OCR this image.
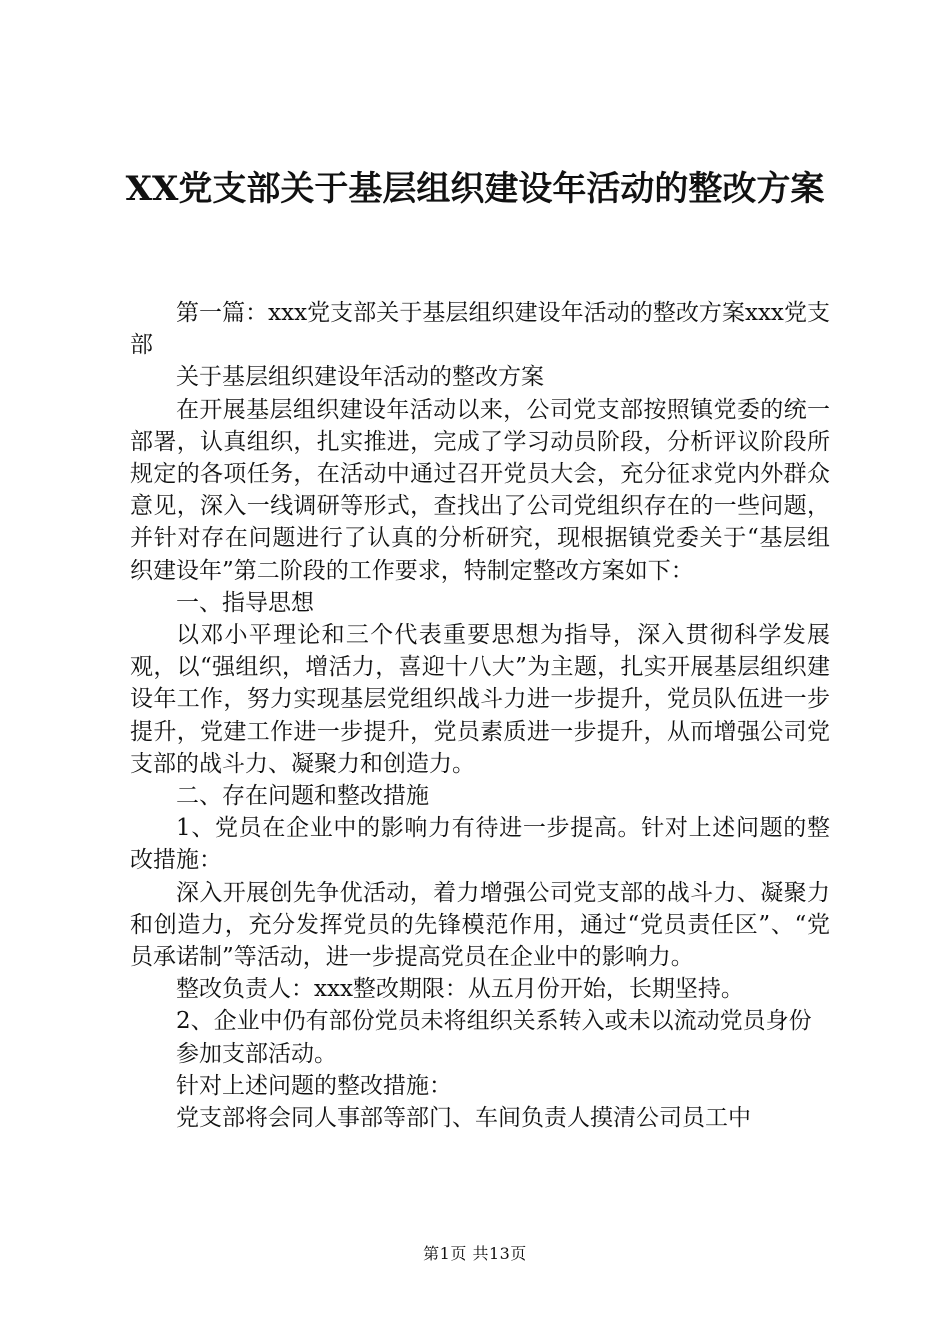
XX党支部关于基层组织建设年活动的整改方案

第一篇：xxx党支部关于基层组织建设年活动的整改方案xxx党支部

关于基层组织建设年活动的整改方案

在开展基层组织建设年活动以来，公司党支部按照镇党委的统一部署，认真组织，扎实推进，完成了学习动员阶段，分析评议阶段所规定的各项任务，在活动中通过召开党员大会，充分征求党内外群众意见，深入一线调研等形式，查找出了公司党组织存在的一些问题，并针对存在问题进行了认真的分析研究，现根据镇党委关于“基层组织建设年”第二阶段的工作要求，特制定整改方案如下：

一、指导思想

以邓小平理论和三个代表重要思想为指导，深入贯彻科学发展观，以“强组织，增活力，喜迎十八大”为主题，扎实开展基层组织建设年工作，努力实现基层党组织战斗力进一步提升，党员队伍进一步提升，党建工作进一步提升，党员素质进一步提升，从而增强公司党支部的战斗力、凝聚力和创造力。

二、存在问题和整改措施

1、党员在企业中的影响力有待进一步提高。针对上述问题的整改措施：

深入开展创先争优活动，着力增强公司党支部的战斗力、凝聚力和创造力，充分发挥党员的先锋模范作用，通过“党员责任区”、“党员承诺制”等活动，进一步提高党员在企业中的影响力。

整改负责人：xxx整改期限：从五月份开始，长期坚持。

2、企业中仍有部份党员未将组织关系转入或未以流动党员身份

参加支部活动。

针对上述问题的整改措施：

党支部将会同人事部等部门、车间负责人摸清公司员工中

第1页 共13页
